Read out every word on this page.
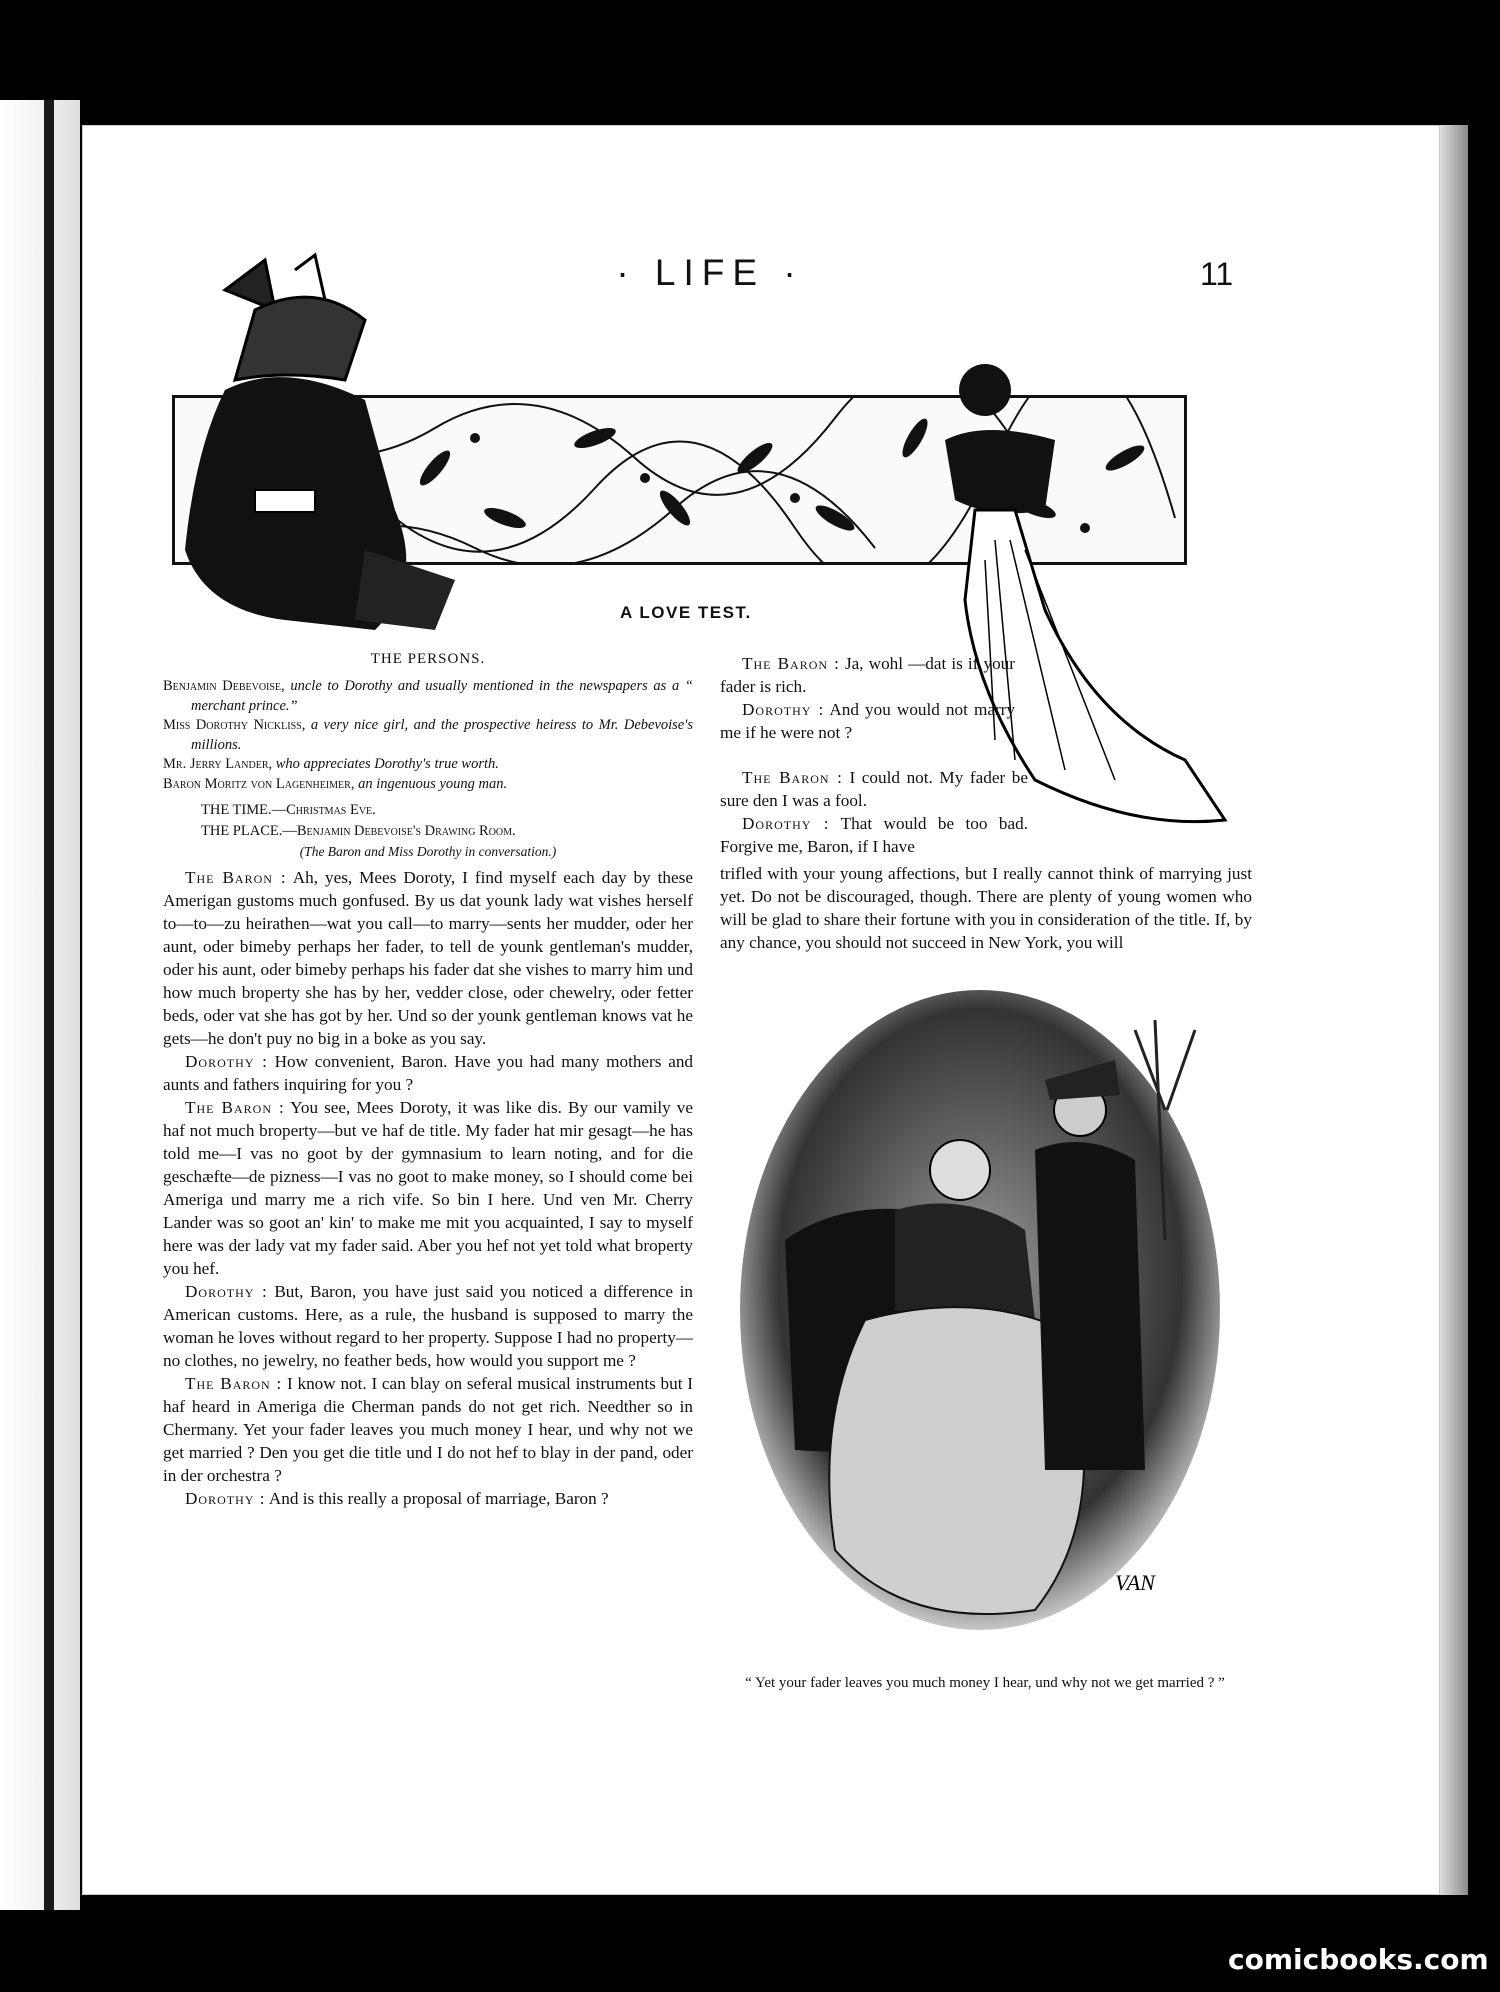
· LIFE ·	11
A LOVE TEST.
THE PERSONS.

Benjamin Debevoise, uncle to Dorothy and usually mentioned in the newspapers as a “ merchant prince.”

Miss Dorothy Nickliss, a very nice girl, and the prospective heiress to Mr. Debevoise's millions.

Mr. Jerry Lander, who appreciates Dorothy's true worth.

Baron Moritz von Lagenheimer, an ingenuous young man.

THE TIME.—Christmas Eve.
THE PLACE.—Benjamin Debevoise's Drawing Room.
(The Baron and Miss Dorothy in conversation.)

The Baron : Ah, yes, Mees Doroty, I find myself each day by these Amerigan gustoms much gonfused. By us dat younk lady wat vishes herself to—to—zu heirathen—wat you call—to marry—sents her mudder, oder her aunt, oder bimeby perhaps her fader, to tell de younk gentleman's mudder, oder his aunt, oder bimeby perhaps his fader dat she vishes to marry him und how much broperty she has by her, vedder close, oder chewelry, oder fetter beds, oder vat she has got by her. Und so der younk gentleman knows vat he gets—he don't puy no big in a boke as you say.

Dorothy : How convenient, Baron. Have you had many mothers and aunts and fathers inquiring for you ?

The Baron : You see, Mees Doroty, it was like dis. By our vamily ve haf not much broperty—but ve haf de title. My fader hat mir gesagt—he has told me—I vas no goot by der gymnasium to learn noting, and for die geschæfte—de pizness—I vas no goot to make money, so I should come bei Ameriga und marry me a rich vife. So bin I here. Und ven Mr. Cherry Lander was so goot an' kin' to make me mit you acquainted, I say to myself here was der lady vat my fader said. Aber you hef not yet told what broperty you hef.

Dorothy : But, Baron, you have just said you noticed a difference in American customs. Here, as a rule, the husband is supposed to marry the woman he loves without regard to her property. Suppose I had no property—no clothes, no jewelry, no feather beds, how would you support me ?

The Baron : I know not. I can blay on seferal musical instruments but I haf heard in Ameriga die Cherman pands do not get rich. Needther so in Chermany. Yet your fader leaves you much money I hear, und why not we get married ? Den you get die title und I do not hef to blay in der pand, oder in der orchestra ?

Dorothy : And is this really a proposal of marriage, Baron ?

The Baron : Ja, wohl —dat is if your fader is rich.

Dorothy : And you would not marry me if he were not ?

The Baron : I could not. My fader be sure den I was a fool.

Dorothy : That would be too bad. Forgive me, Baron, if I have

trifled with your young affections, but I really cannot think of marrying just yet. Do not be discouraged, though. There are plenty of young women who will be glad to share their fortune with you in consideration of the title. If, by any chance, you should not succeed in New York, you will

VAN
“ Yet your fader leaves you much money I hear, und why not we get married ? ”
comicbooks.com
